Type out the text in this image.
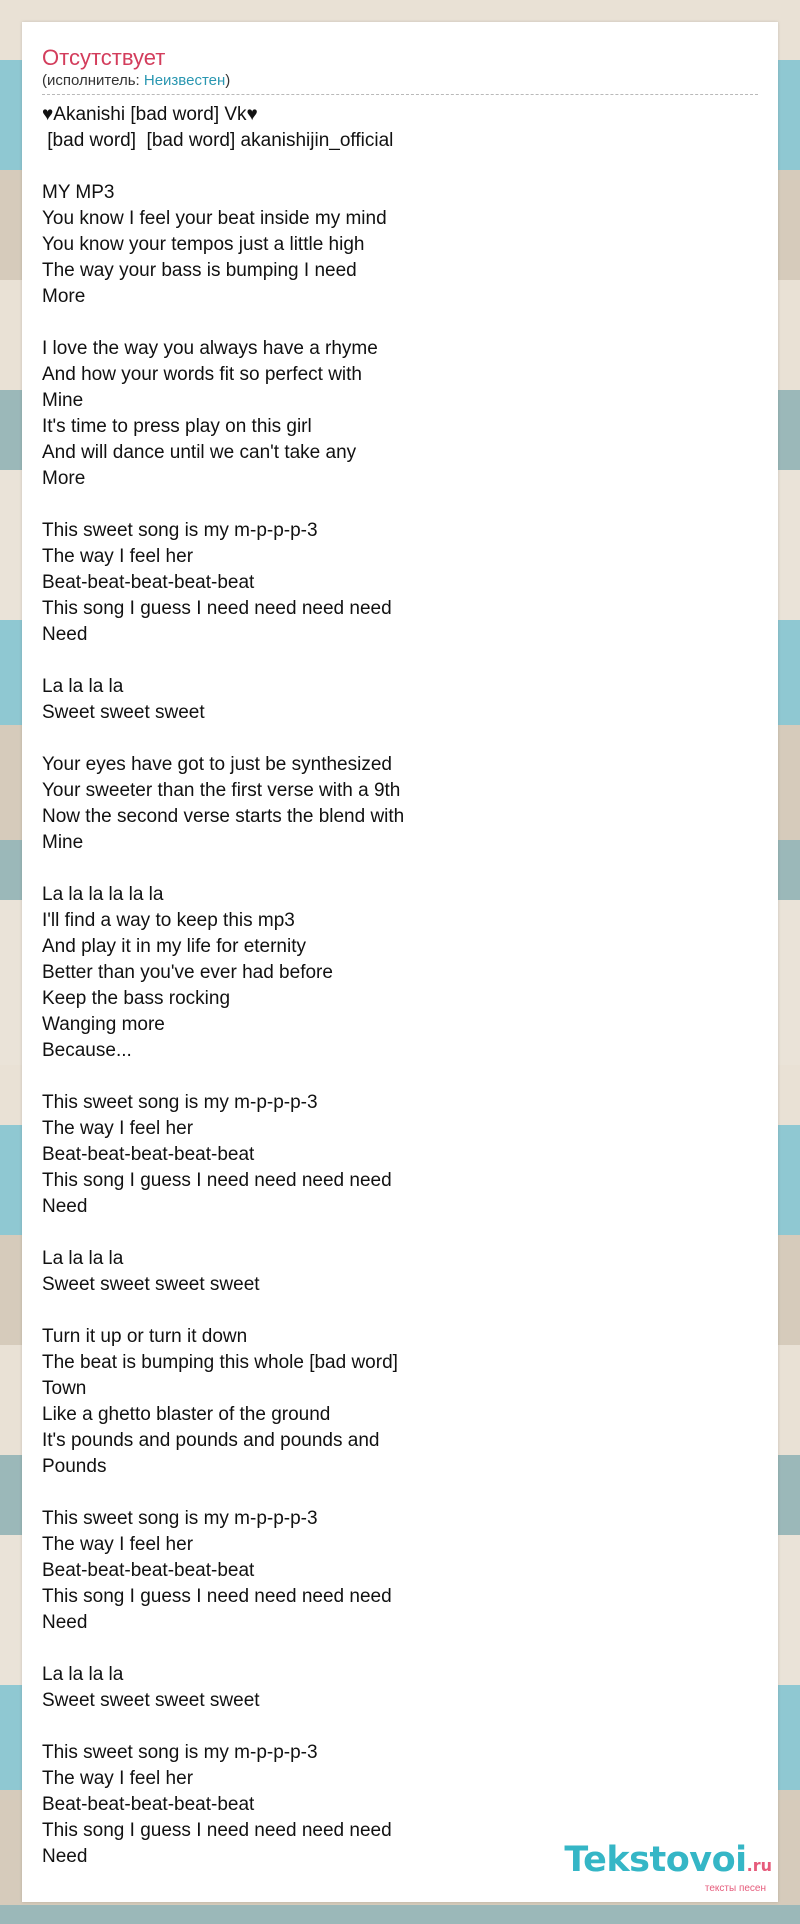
Отсутствует
(исполнитель: Неизвестен)
♥Akanishi [bad word] Vk♥
[bad word]  [bad word] akanishijin_official
MY MP3
You know I feel your beat inside my mind
You know your tempos just a little high
The way your bass is bumping I need
More
I love the way you always have a rhyme
And how your words fit so perfect with
Mine
It's time to press play on this girl
And will dance until we can't take any
More
This sweet song is my m-p-p-p-3
The way I feel her
Beat-beat-beat-beat-beat
This song I guess I need need need need
Need
La la la la
Sweet sweet sweet
Your eyes have got to just be synthesized
Your sweeter than the first verse with a 9th
Now the second verse starts the blend with
Mine
La la la la la la
I'll find a way to keep this mp3
And play it in my life for eternity
Better than you've ever had before
Keep the bass rocking
Wanging more
Because...
This sweet song is my m-p-p-p-3
The way I feel her
Beat-beat-beat-beat-beat
This song I guess I need need need need
Need
La la la la
Sweet sweet sweet sweet
Turn it up or turn it down
The beat is bumping this whole [bad word]
Town
Like a ghetto blaster of the ground
It's pounds and pounds and pounds and
Pounds
This sweet song is my m-p-p-p-3
The way I feel her
Beat-beat-beat-beat-beat
This song I guess I need need need need
Need
La la la la
Sweet sweet sweet sweet
This sweet song is my m-p-p-p-3
The way I feel her
Beat-beat-beat-beat-beat
This song I guess I need need need need
Need	Tekstovoi.ru
тексты песен
